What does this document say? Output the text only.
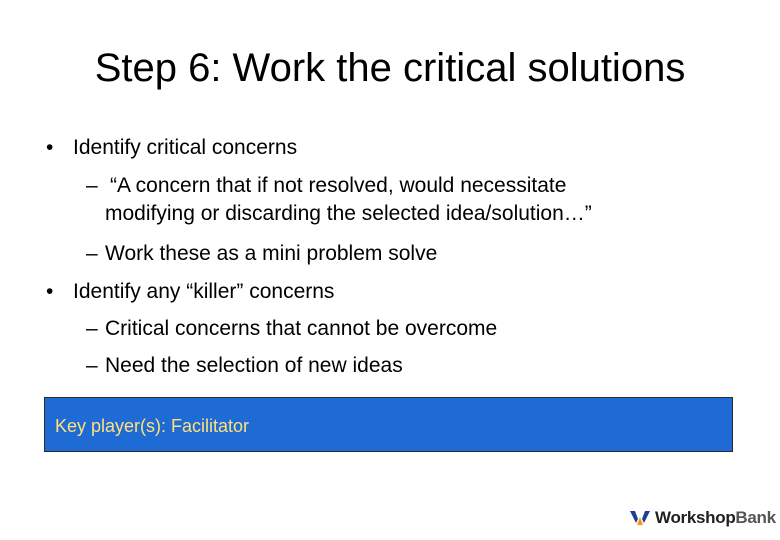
Step 6: Work the critical solutions
• Identify critical concerns
– “A concern that if not resolved, would necessitate
modifying or discarding the selected idea/solution…”
– Work these as a mini problem solve
• Identify any “killer” concerns
– Critical concerns that cannot be overcome
– Need the selection of new ideas
Key player(s): Facilitator
WorkshopBank
